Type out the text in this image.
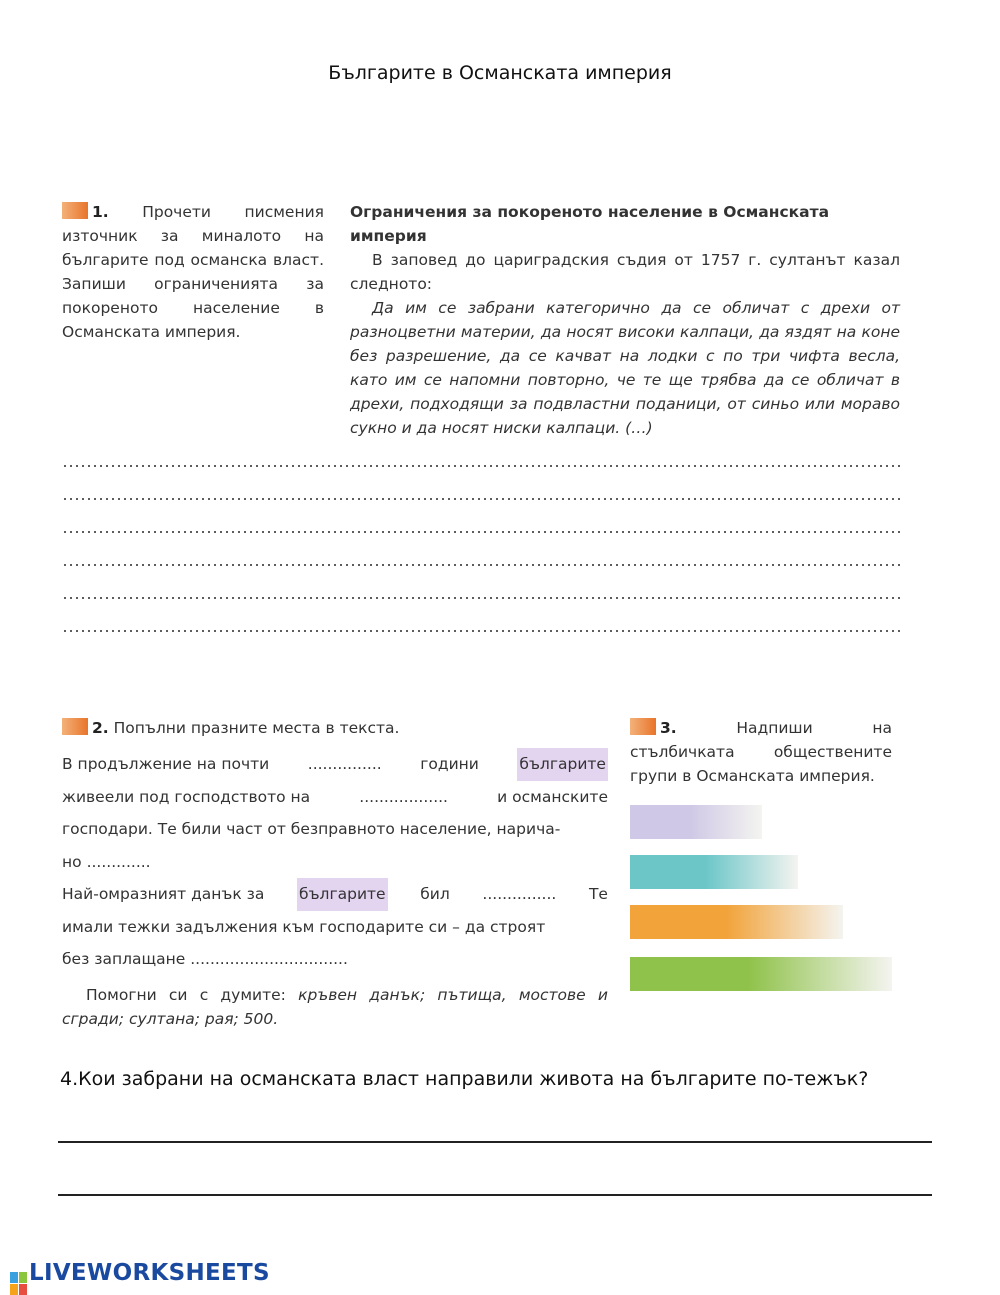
Българите в Османската империя
1. Прочети писмения източник за миналото на българите под османска власт. Запиши ограниченията за покореното население в Османската империя.
Ограничения за покореното население в Османската империя
В заповед до цариградския съдия от 1757 г. султанът казал следното:
Да им се забрани категорично да се обличат с дрехи от разноцветни материи, да носят високи калпаци, да яздят на коне без разрешение, да се качват на лодки с по три чифта весла, като им се напомни повторно, че те ще трябва да се обличат в дрехи, подходящи за подвластни поданици, от синьо или мораво сукно и да носят ниски калпаци. (…)
2. Попълни празните места в текста.
В продължение на почти ............... години	българите
живеели под господството на	..................	и османските
господари. Те били част от безправното население, нарича-
но .............
Най-омразният данък за българите бил ............... Те
имали тежки задължения към господарите си – да строят
без заплащане ................................
Помогни си с думите: кръвен данък; пътища, мостове и сгради; султана; рая; 500.
3.	Надпиши на стълбичката обществените групи в Османската империя.
4.Кои забрани на османската власт направили живота на българите по-тежък?
LIVEWORKSHEETS
